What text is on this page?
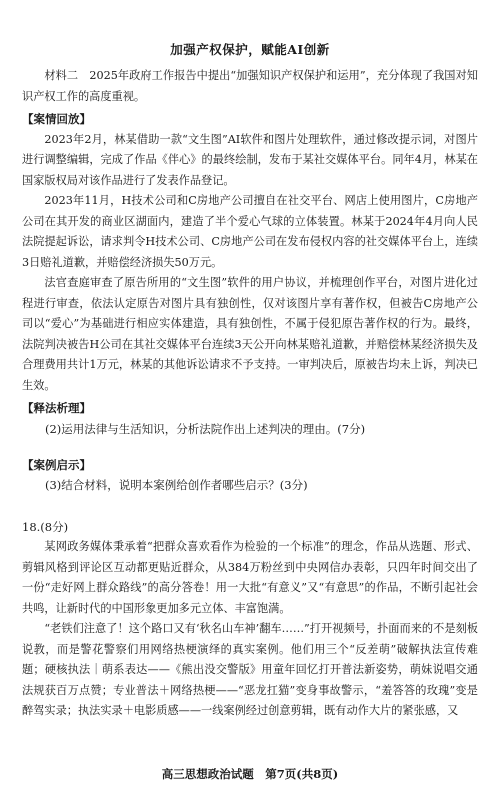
加强产权保护，赋能AI创新

材料二　2025年政府工作报告中提出“加强知识产权保护和运用”，充分体现了我国对知识产权工作的高度重视。

【案情回放】

2023年2月，林某借助一款“文生图”AI软件和图片处理软件，通过修改提示词，对图片进行调整编辑，完成了作品《伴心》的最终绘制，发布于某社交媒体平台。同年4月，林某在国家版权局对该作品进行了发表作品登记。

2023年11月，H技术公司和C房地产公司擅自在社交平台、网店上使用图片，C房地产公司在其开发的商业区湖面内，建造了半个爱心气球的立体装置。林某于2024年4月向人民法院提起诉讼，请求判令H技术公司、C房地产公司在发布侵权内容的社交媒体平台上，连续3日赔礼道歉，并赔偿经济损失50万元。

法官查庭审查了原告所用的“文生图”软件的用户协议，并梳理创作平台，对图片进化过程进行审查，依法认定原告对图片具有独创性，仅对该图片享有著作权，但被告C房地产公司以“爱心”为基础进行相应实体建造，具有独创性，不属于侵犯原告著作权的行为。最终，法院判决被告H公司在其社交媒体平台连续3天公开向林某赔礼道歉，并赔偿林某经济损失及合理费用共计1万元，林某的其他诉讼请求不予支持。一审判决后，原被告均未上诉，判决已生效。

【释法析理】
(2)运用法律与生活知识，分析法院作出上述判决的理由。(7分)
【案例启示】
(3)结合材料，说明本案例给创作者哪些启示？(3分)
18.(8分)

某网政务媒体秉承着“把群众喜欢看作为检验的一个标准”的理念，作品从选题、形式、剪辑风格到评论区互动都更贴近群众，从384万粉丝到中央网信办表彰，只四年时间交出了一份“走好网上群众路线”的高分答卷！用一大批“有意义”又“有意思”的作品，不断引起社会共鸣，让新时代的中国形象更加多元立体、丰富饱满。

“老铁们注意了！这个路口又有‘秋名山车神’翻车……”打开视频号，扑面而来的不是刻板说教，而是警花警察们用网络热梗演绎的真实案例。他们用三个“反差萌”破解执法宣传难题；硬核执法｜萌系表达——《熊出没交警版》用童年回忆打开普法新姿势，萌妹说唱交通法规获百万点赞；专业普法＋网络热梗——“恶龙扛猫”变身事故警示，“羞答答的玫瑰”变是醉驾实录；执法实录＋电影质感——一线案例经过创意剪辑，既有动作大片的紧张感，又

高三思想政治试题　第7页(共8页)
